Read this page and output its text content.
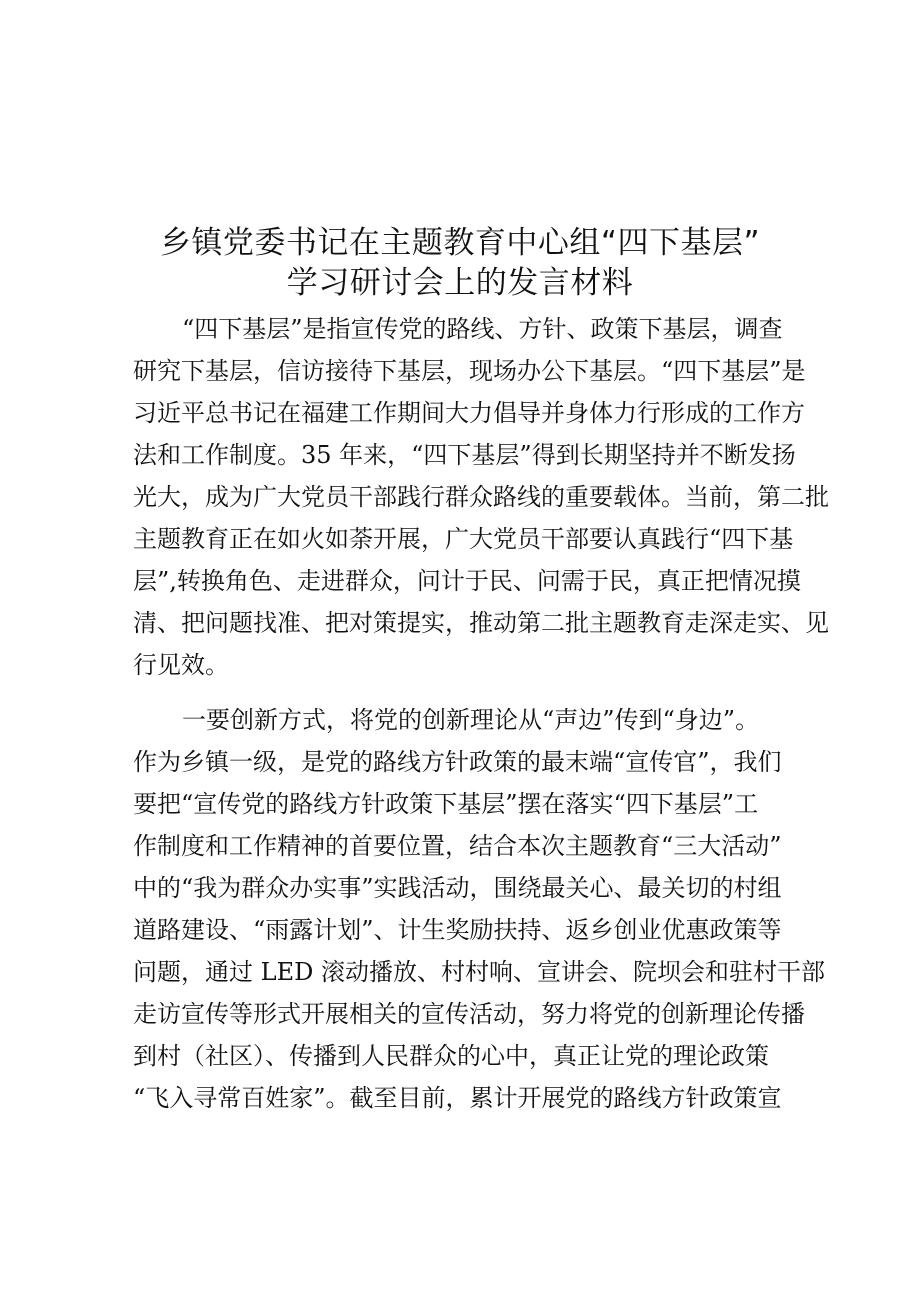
乡镇党委书记在主题教育中心组“四下基层”
学习研讨会上的发言材料
“四下基层”是指宣传党的路线、方针、政策下基层，调查
研究下基层，信访接待下基层，现场办公下基层。“四下基层”是
习近平总书记在福建工作期间大力倡导并身体力行形成的工作方
法和工作制度。35 年来，“四下基层”得到长期坚持并不断发扬
光大，成为广大党员干部践行群众路线的重要载体。当前，第二批
主题教育正在如火如荼开展，广大党员干部要认真践行“四下基
层”,转换角色、走进群众，问计于民、问需于民，真正把情况摸
清、把问题找准、把对策提实，推动第二批主题教育走深走实、见
行见效。
一要创新方式，将党的创新理论从“声边”传到“身边”。
作为乡镇一级，是党的路线方针政策的最末端“宣传官”，我们
要把“宣传党的路线方针政策下基层”摆在落实“四下基层”工
作制度和工作精神的首要位置，结合本次主题教育“三大活动”
中的“我为群众办实事”实践活动，围绕最关心、最关切的村组
道路建设、“雨露计划”、计生奖励扶持、返乡创业优惠政策等
问题，通过 LED 滚动播放、村村响、宣讲会、院坝会和驻村干部
走访宣传等形式开展相关的宣传活动，努力将党的创新理论传播
到村（社区）、传播到人民群众的心中，真正让党的理论政策
“飞入寻常百姓家”。截至目前，累计开展党的路线方针政策宣
